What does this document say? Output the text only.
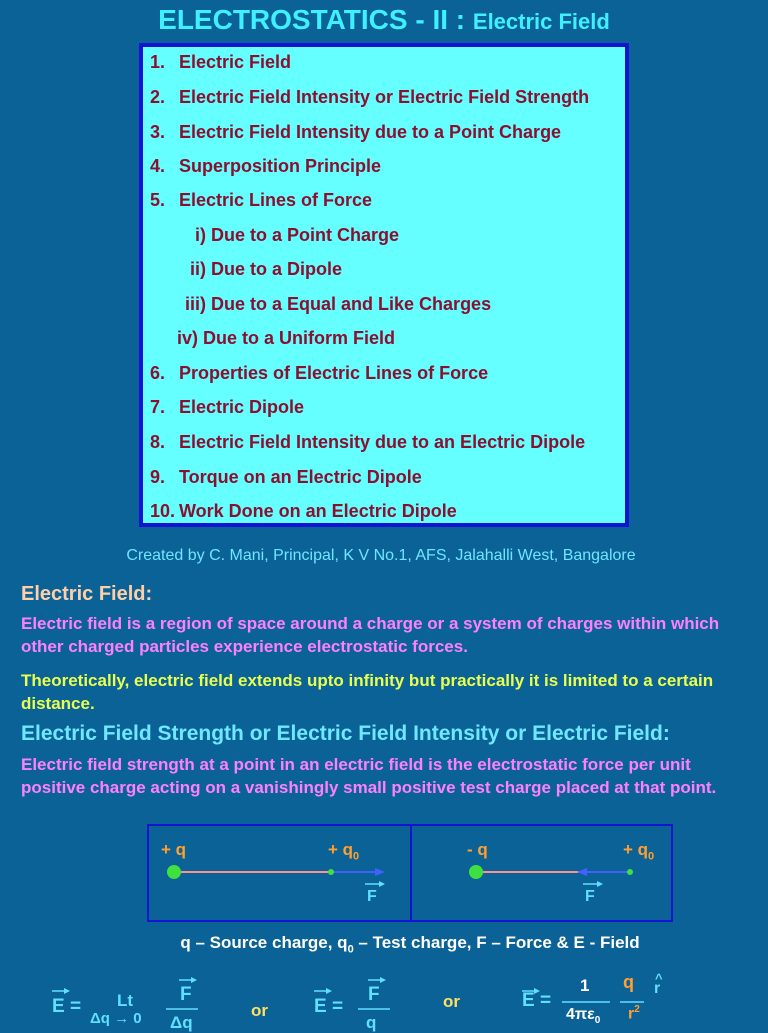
ELECTROSTATICS - II : Electric Field
1. Electric Field
2. Electric Field Intensity or Electric Field Strength
3. Electric Field Intensity due to a Point Charge
4. Superposition Principle
5. Electric Lines of Force
i) Due to a Point Charge
ii) Due to a Dipole
iii) Due to a Equal and Like Charges
iv) Due to a Uniform Field
6. Properties of Electric Lines of Force
7. Electric Dipole
8. Electric Field Intensity due to an Electric Dipole
9. Torque on an Electric Dipole
10. Work Done on an Electric Dipole
Created by C. Mani, Principal, K V No.1, AFS, Jalahalli West, Bangalore
Electric Field:
Electric field is a region of space around a charge or a system of charges within which other charged particles experience electrostatic forces.
Theoretically, electric field extends upto infinity but practically it is limited to a certain distance.
Electric Field Strength or Electric Field Intensity or Electric Field:
Electric field strength at a point in an electric field is the electrostatic force per unit positive charge acting on a vanishingly small positive test charge placed at that point.
+ q	+ $q_0$
F
- q	+ $q_0$
F
q – Source charge, $q_0$ – Test charge, F – Force & E - Field
E = Lt
Δq → 0
F
Δq
or E =
F
q
or	E =
1
$4\pi\varepsilon_0$
q
$r^2$
^
r
